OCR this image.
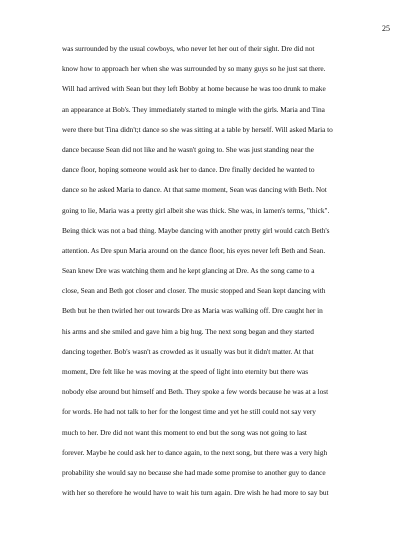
25
was surrounded by the usual cowboys, who never let her out of their sight. Dre did not
know how to approach her when she was surrounded by so many guys so he just sat there.
Will had arrived with Sean but they left Bobby at home because he was too drunk to make
an appearance at Bob's. They immediately started to mingle with the girls. Maria and Tina
were there but Tina didn't;t dance so she was sitting at a table by herself. Will asked Maria to
dance because Sean did not like and he wasn't going to. She was just standing near the
dance floor, hoping someone would ask her to dance. Dre finally decided he wanted to
dance so he asked Maria to dance. At that same moment, Sean was dancing with Beth. Not
going to lie, Maria was a pretty girl albeit she was thick. She was, in lamen's terms, "thick".
Being thick was not a bad thing. Maybe dancing with another pretty girl would catch Beth's
attention. As Dre spun Maria around on the dance floor, his eyes never left Beth and Sean.
Sean knew Dre was watching them and he kept glancing at Dre. As the song came to a
close, Sean and Beth got closer and closer. The music stopped and Sean kept dancing with
Beth but he then twirled her out towards Dre as Maria was walking off. Dre caught her in
his arms and she smiled and gave him a big hug. The next song began and they started
dancing together. Bob's wasn't as crowded as it usually was but it didn't matter. At that
moment, Dre felt like he was moving at the speed of light into eternity but there was
nobody else around but himself and Beth. They spoke a few words because he was at a lost
for words. He had not talk to her for the longest time and yet he still could not say very
much to her. Dre did not want this moment to end but the song was not going to last
forever. Maybe he could ask her to dance again, to the next song, but there was a very high
probability she would say no because she had made some promise to another guy to dance
with her so therefore he would have to wait his turn again. Dre wish he had more to say but
